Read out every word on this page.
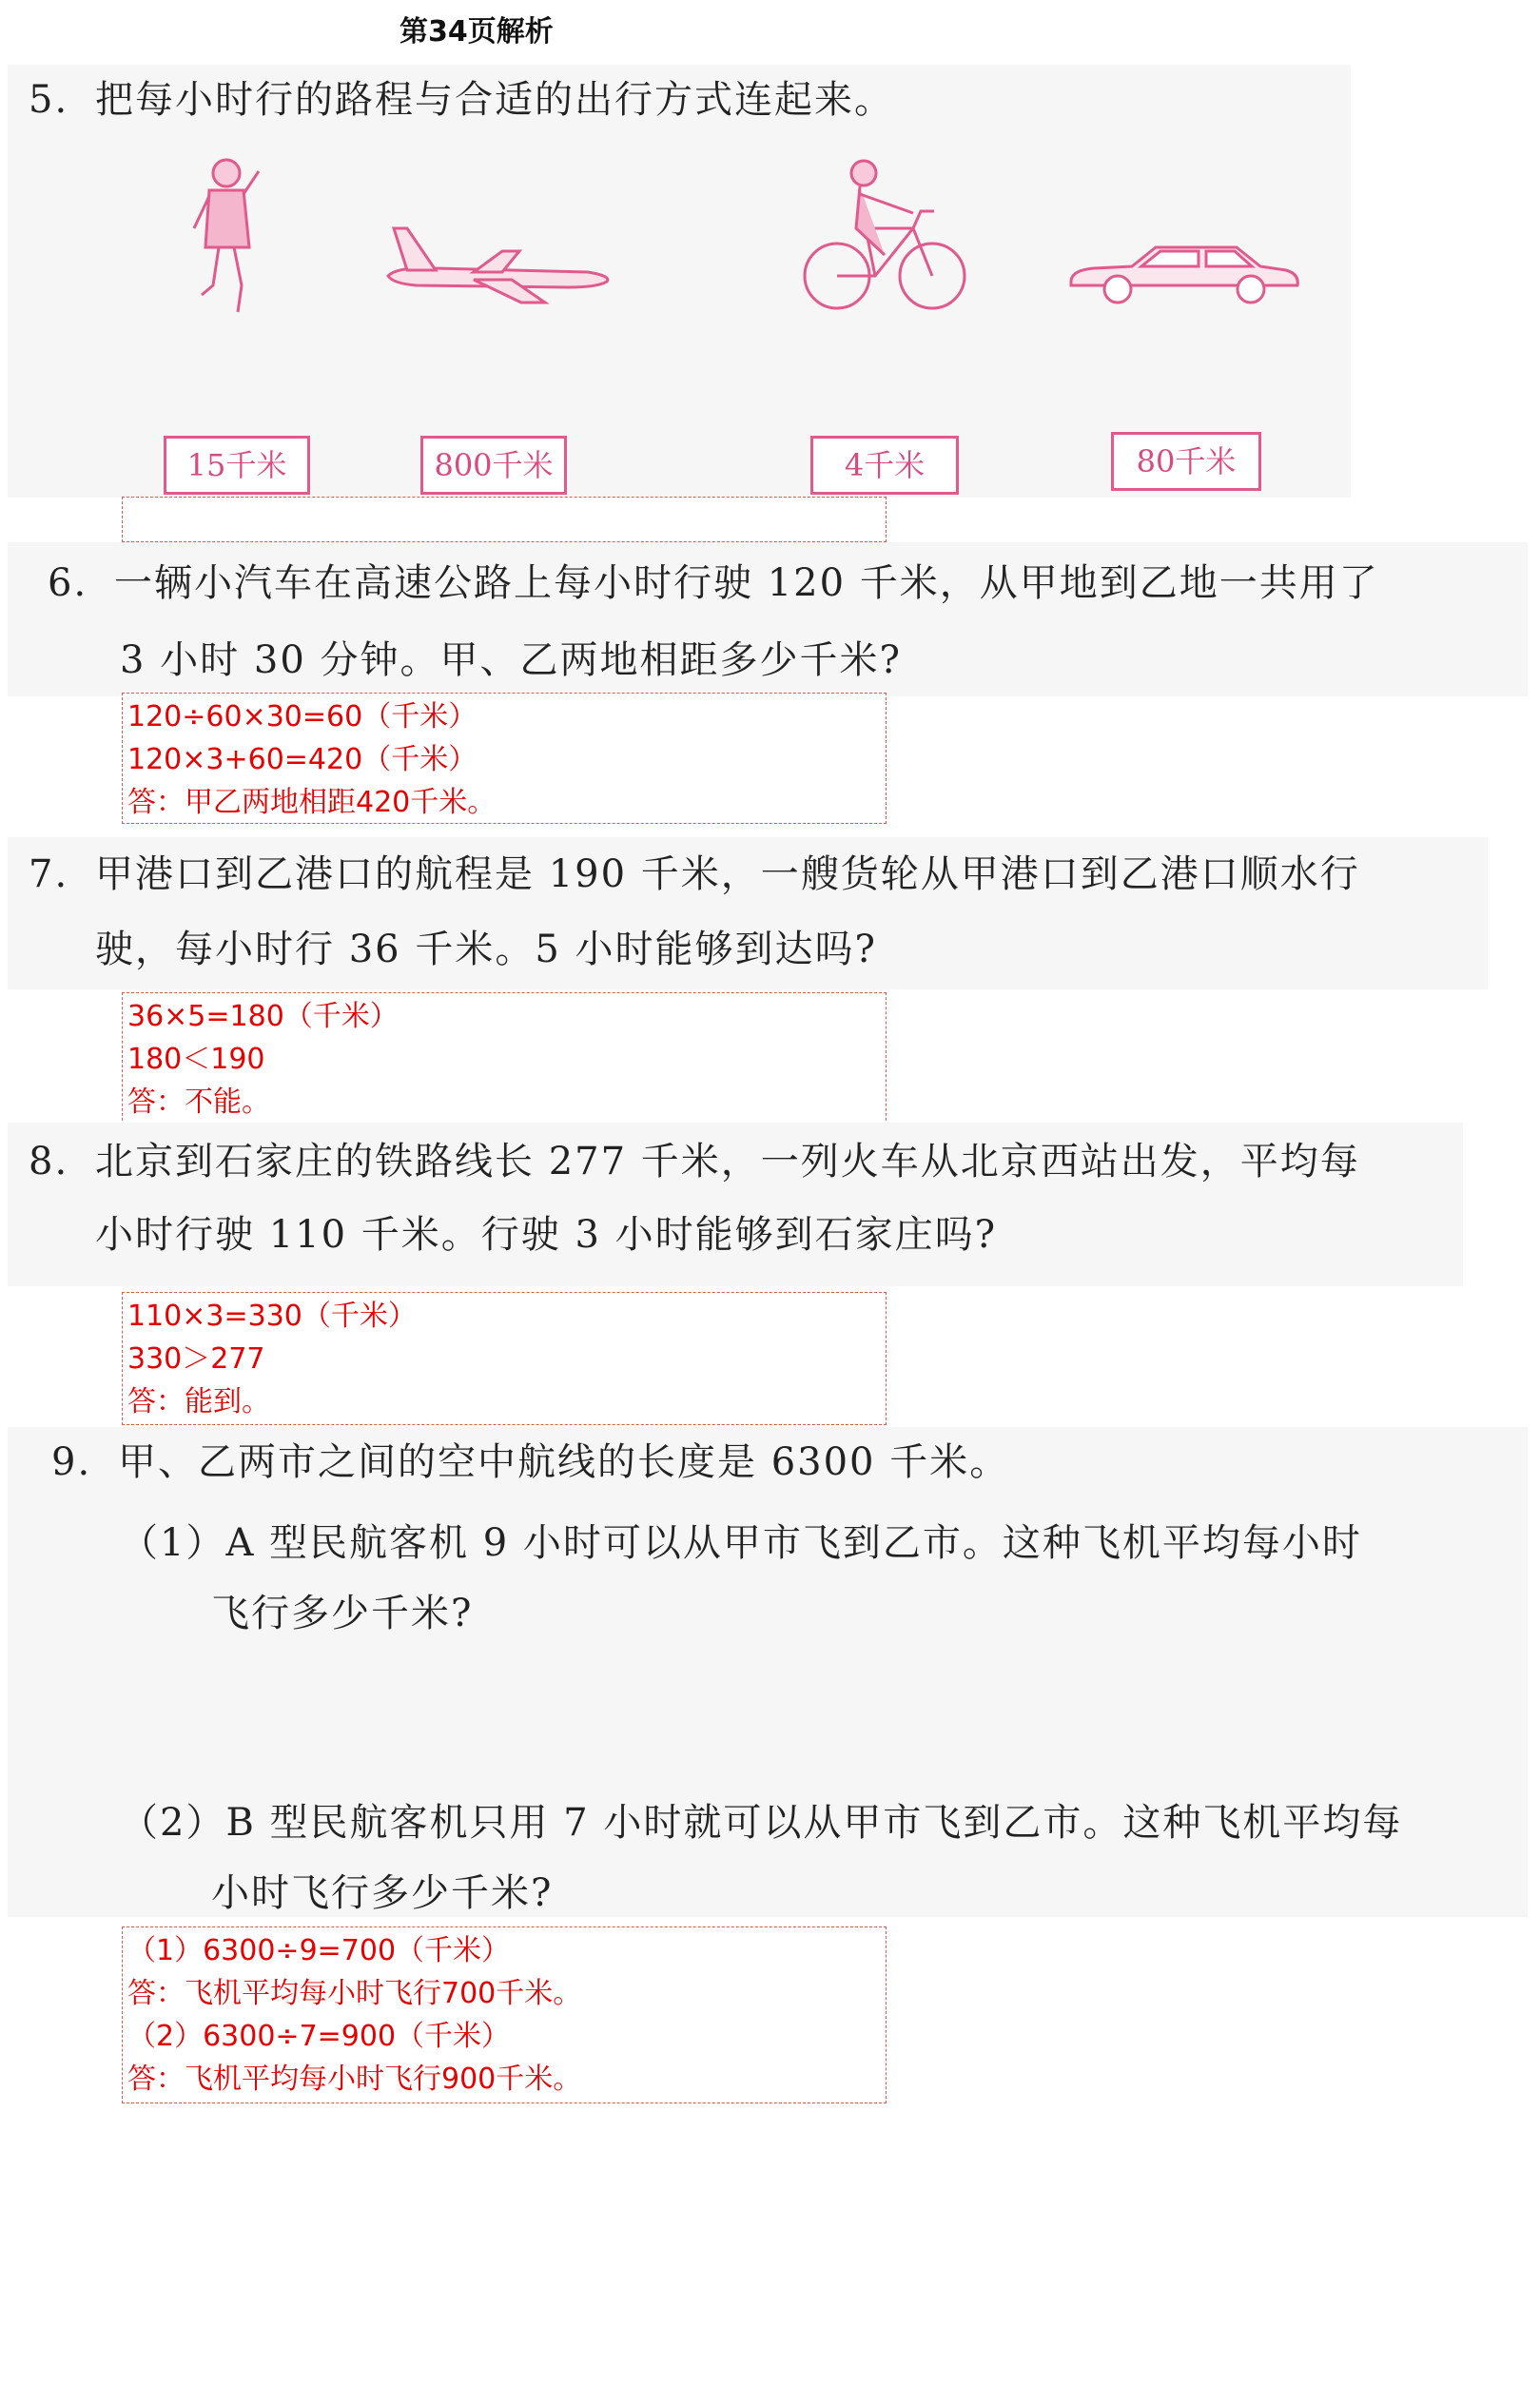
第34页解析
5. 把每小时行的路程与合适的出行方式连起来。
15千米	800千米	4千米	80千米
6. 一辆小汽车在高速公路上每小时行驶 120 千米，从甲地到乙地一共用了
3 小时 30 分钟。甲、乙两地相距多少千米?
120÷60×30=60（千米）
120×3+60=420（千米）
答：甲乙两地相距420千米。
7. 甲港口到乙港口的航程是 190 千米，一艘货轮从甲港口到乙港口顺水行
驶，每小时行 36 千米。5 小时能够到达吗?
36×5=180（千米）
180＜190
答：不能。
8. 北京到石家庄的铁路线长 277 千米，一列火车从北京西站出发，平均每
小时行驶 110 千米。行驶 3 小时能够到石家庄吗?
110×3=330（千米）
330＞277
答：能到。
9. 甲、乙两市之间的空中航线的长度是 6300 千米。
（1）A 型民航客机 9 小时可以从甲市飞到乙市。这种飞机平均每小时
飞行多少千米?
（2）B 型民航客机只用 7 小时就可以从甲市飞到乙市。这种飞机平均每
小时飞行多少千米?
（1）6300÷9=700（千米）
答：飞机平均每小时飞行700千米。
（2）6300÷7=900（千米）
答：飞机平均每小时飞行900千米。
